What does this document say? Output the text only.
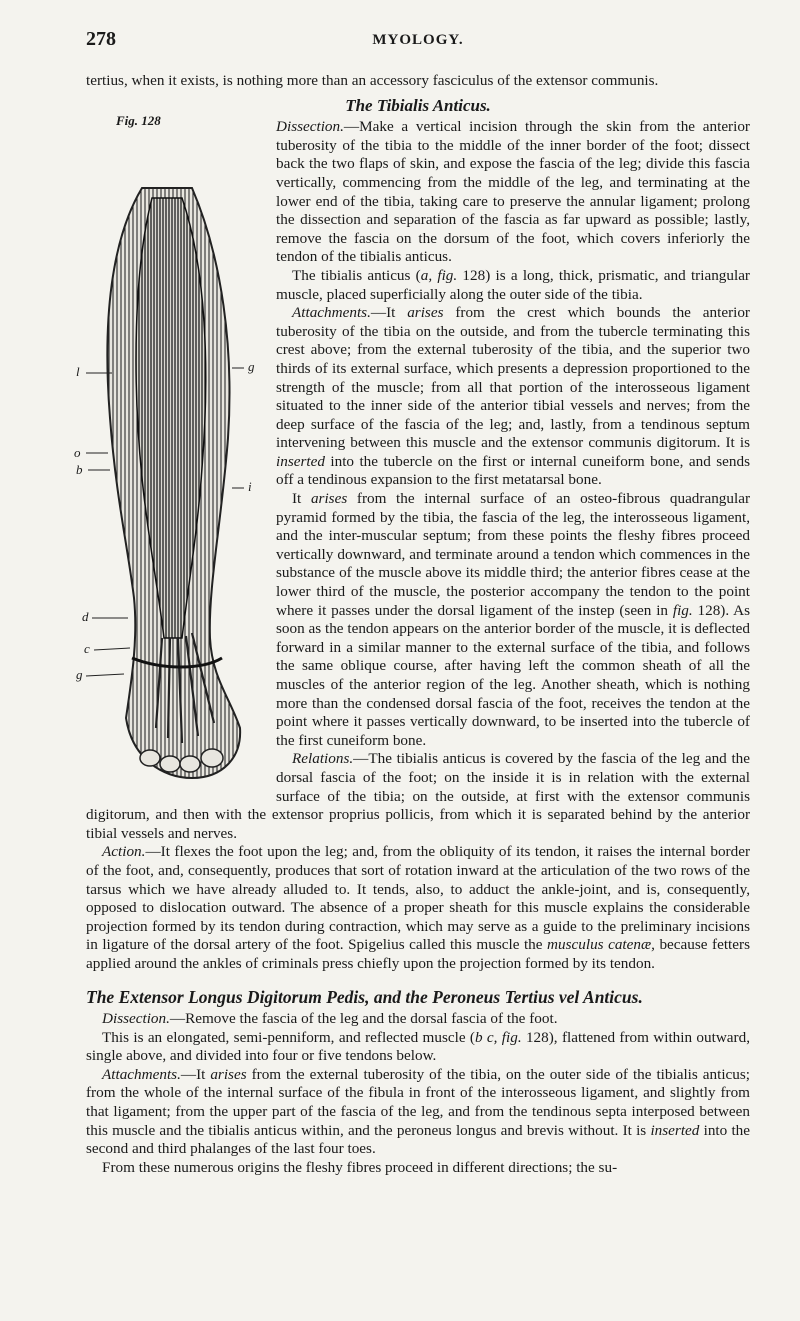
278	MYOLOGY.

tertius, when it exists, is nothing more than an accessory fasciculus of the extensor communis.

The Tibialis Anticus.
Fig. 128
l	g
o
b
i
d
c
g

Dissection.—Make a vertical incision through the skin from the anterior tuberosity of the tibia to the middle of the inner border of the foot; dissect back the two flaps of skin, and expose the fascia of the leg; divide this fascia vertically, commencing from the middle of the leg, and terminating at the lower end of the tibia, taking care to preserve the annular ligament; prolong the dissection and separation of the fascia as far upward as possible; lastly, remove the fascia on the dorsum of the foot, which covers inferiorly the tendon of the tibialis anticus.

The tibialis anticus (a, fig. 128) is a long, thick, prismatic, and triangular muscle, placed superficially along the outer side of the tibia.

Attachments.—It arises from the crest which bounds the anterior tuberosity of the tibia on the outside, and from the tubercle terminating this crest above; from the external tuberosity of the tibia, and the superior two thirds of its external surface, which presents a depression proportioned to the strength of the muscle; from all that portion of the interosseous ligament situated to the inner side of the anterior tibial vessels and nerves; from the deep surface of the fascia of the leg; and, lastly, from a tendinous septum intervening between this muscle and the extensor communis digitorum. It is inserted into the tubercle on the first or internal cuneiform bone, and sends off a tendinous expansion to the first metatarsal bone.

It arises from the internal surface of an osteo-fibrous quadrangular pyramid formed by the tibia, the fascia of the leg, the interosseous ligament, and the inter-muscular septum; from these points the fleshy fibres proceed vertically downward, and terminate around a tendon which commences in the substance of the muscle above its middle third; the anterior fibres cease at the lower third of the muscle, the posterior accompany the tendon to the point where it passes under the dorsal ligament of the instep (seen in fig. 128). As soon as the tendon appears on the anterior border of the muscle, it is deflected forward in a similar manner to the external surface of the tibia, and follows the same oblique course, after having left the common sheath of all the muscles of the anterior region of the leg. Another sheath, which is nothing more than the condensed dorsal fascia of the foot, receives the tendon at the point where it passes vertically downward, to be inserted into the tubercle of the first cuneiform bone.

Relations.—The tibialis anticus is covered by the fascia of the leg and the dorsal fascia of the foot; on the inside it is in relation with the external surface of the tibia; on the outside, at first with the extensor communis digitorum, and then with the extensor proprius pollicis, from which it is separated behind by the anterior tibial vessels and nerves.

Action.—It flexes the foot upon the leg; and, from the obliquity of its tendon, it raises the internal border of the foot, and, consequently, produces that sort of rotation inward at the articulation of the two rows of the tarsus which we have already alluded to. It tends, also, to adduct the ankle-joint, and is, consequently, opposed to dislocation outward. The absence of a proper sheath for this muscle explains the considerable projection formed by its tendon during contraction, which may serve as a guide to the preliminary incisions in ligature of the dorsal artery of the foot. Spigelius called this muscle the musculus catenæ, because fetters applied around the ankles of criminals press chiefly upon the projection formed by its tendon.

The Extensor Longus Digitorum Pedis, and the Peroneus Tertius vel Anticus.

Dissection.—Remove the fascia of the leg and the dorsal fascia of the foot.

This is an elongated, semi-penniform, and reflected muscle (b c, fig. 128), flattened from within outward, single above, and divided into four or five tendons below.

Attachments.—It arises from the external tuberosity of the tibia, on the outer side of the tibialis anticus; from the whole of the internal surface of the fibula in front of the interosseous ligament, and slightly from that ligament; from the upper part of the fascia of the leg, and from the tendinous septa interposed between this muscle and the tibialis anticus within, and the peroneus longus and brevis without. It is inserted into the second and third phalanges of the last four toes.

From these numerous origins the fleshy fibres proceed in different directions; the su-
